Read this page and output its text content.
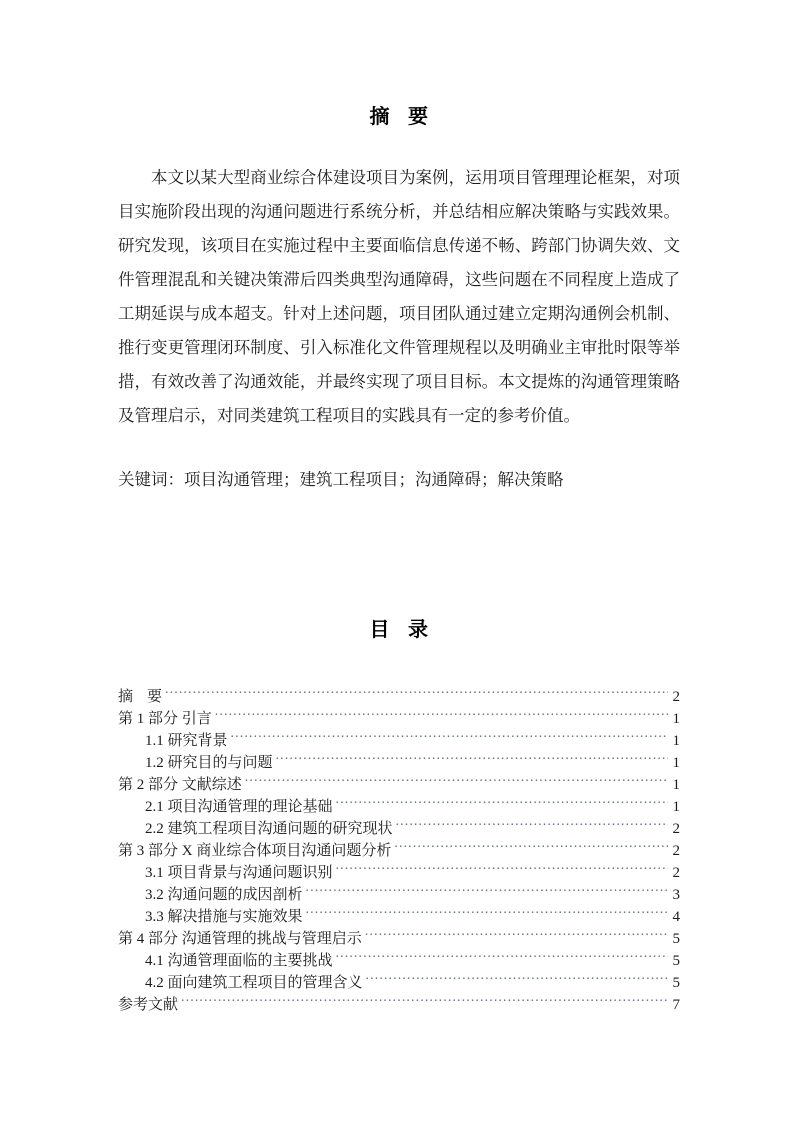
摘 要

本文以某大型商业综合体建设项目为案例，运用项目管理理论框架，对项目实施阶段出现的沟通问题进行系统分析，并总结相应解决策略与实践效果。研究发现，该项目在实施过程中主要面临信息传递不畅、跨部门协调失效、文件管理混乱和关键决策滞后四类典型沟通障碍，这些问题在不同程度上造成了工期延误与成本超支。针对上述问题，项目团队通过建立定期沟通例会机制、推行变更管理闭环制度、引入标准化文件管理规程以及明确业主审批时限等举措，有效改善了沟通效能，并最终实现了项目目标。本文提炼的沟通管理策略及管理启示，对同类建筑工程项目的实践具有一定的参考价值。

关键词：项目沟通管理；建筑工程项目；沟通障碍；解决策略

目 录
摘 要 .....	2
第 1 部分 引言 .....	1
1.1 研究背景 .....	1
1.2 研究目的与问题 .....	1
第 2 部分 文献综述 .....	1
2.1 项目沟通管理的理论基础 .....	1
2.2 建筑工程项目沟通问题的研究现状 .....	2
第 3 部分 X 商业综合体项目沟通问题分析 .....	2
3.1 项目背景与沟通问题识别 .....	2
3.2 沟通问题的成因剖析 .....	3
3.3 解决措施与实施效果 .....	4
第 4 部分 沟通管理的挑战与管理启示 .....	5
4.1 沟通管理面临的主要挑战 .....	5
4.2 面向建筑工程项目的管理含义 .....	5
参考文献 .....	7
